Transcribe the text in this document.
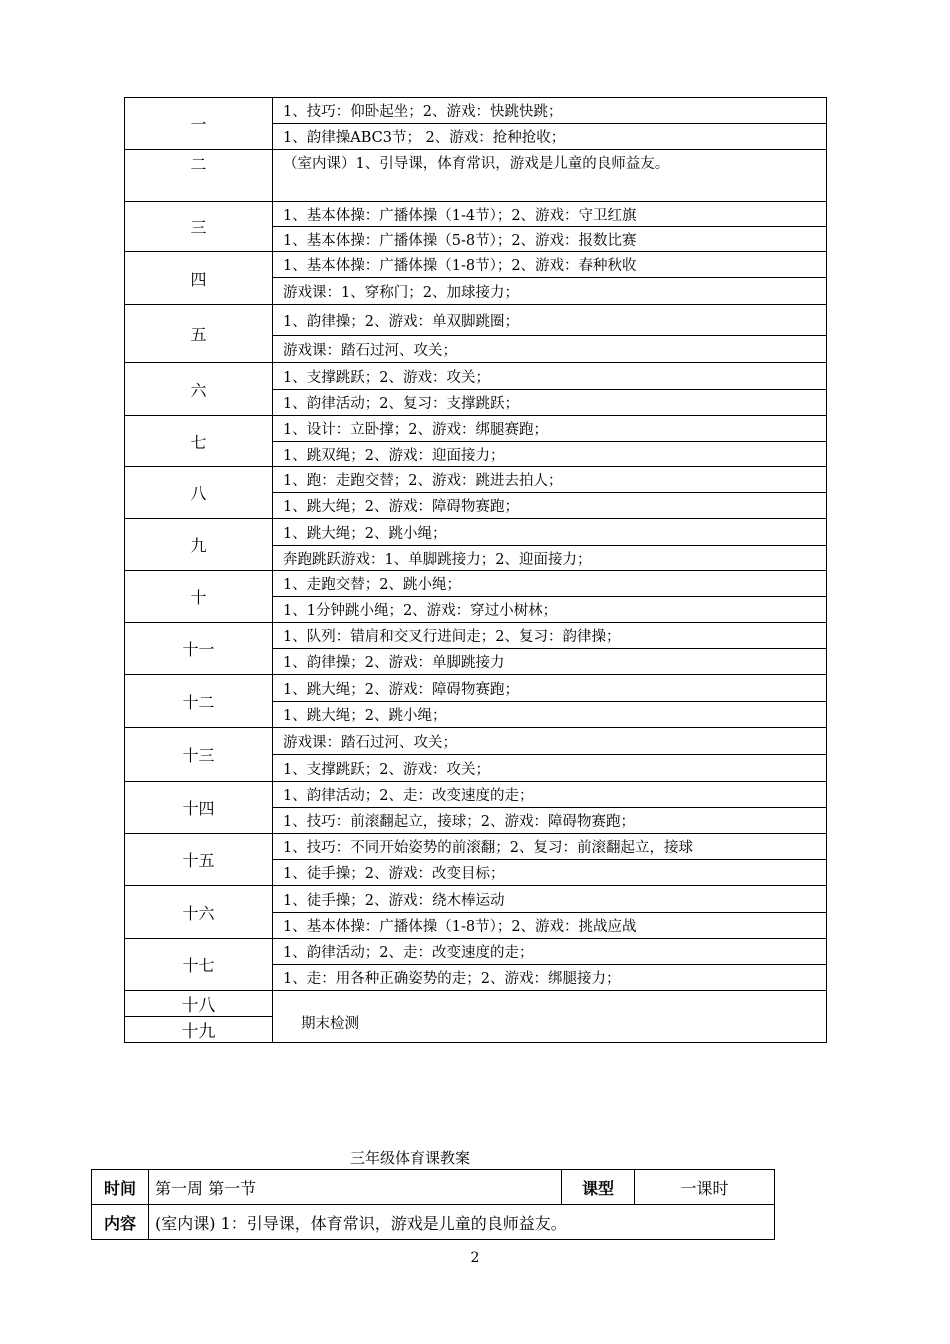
一	1、技巧：仰卧起坐；2、游戏：快跳快跳；
	1、韵律操ABC3节； 2、游戏：抢种抢收；
二	（室内课）1、引导课，体育常识，游戏是儿童的良师益友。
三	1、基本体操：广播体操（1-4节）；2、游戏：守卫红旗
	1、基本体操：广播体操（5-8节）；2、游戏：报数比赛
四	1、基本体操：广播体操（1-8节）；2、游戏：春种秋收
	游戏课：1、穿称门；2、加球接力；
五	1、韵律操；2、游戏：单双脚跳圈；
	游戏课：踏石过河、攻关；
六	1、支撑跳跃；2、游戏：攻关；
	1、韵律活动；2、复习：支撑跳跃；
七	1、设计：立卧撑；2、游戏：绑腿赛跑；
	1、跳双绳；2、游戏：迎面接力；
八	1、跑：走跑交替；2、游戏：跳进去拍人；
	1、跳大绳；2、游戏：障碍物赛跑；
九	1、跳大绳；2、跳小绳；
	奔跑跳跃游戏：1、单脚跳接力；2、迎面接力；
十	1、走跑交替；2、跳小绳；
	1、1分钟跳小绳；2、游戏：穿过小树林；
十一	1、队列：错肩和交叉行进间走；2、复习：韵律操；
	1、韵律操；2、游戏：单脚跳接力
十二	1、跳大绳；2、游戏：障碍物赛跑；
	1、跳大绳；2、跳小绳；
十三	游戏课：踏石过河、攻关；
	1、支撑跳跃；2、游戏：攻关；
十四	1、韵律活动；2、走：改变速度的走；
	1、技巧：前滚翻起立，接球；2、游戏：障碍物赛跑；
十五	1、技巧：不同开始姿势的前滚翻；2、复习：前滚翻起立，接球
	1、徒手操；2、游戏：改变目标；
十六	1、徒手操；2、游戏：绕木棒运动
	1、基本体操：广播体操（1-8节）；2、游戏：挑战应战
十七	1、韵律活动；2、走：改变速度的走；
	1、走：用各种正确姿势的走；2、游戏：绑腿接力；
十八	期末检测
十九	
三年级体育课教案
时间	第一周 第一节	课型	一课时
内容	(室内课) 1：引导课，体育常识，游戏是儿童的良师益友。		
2
